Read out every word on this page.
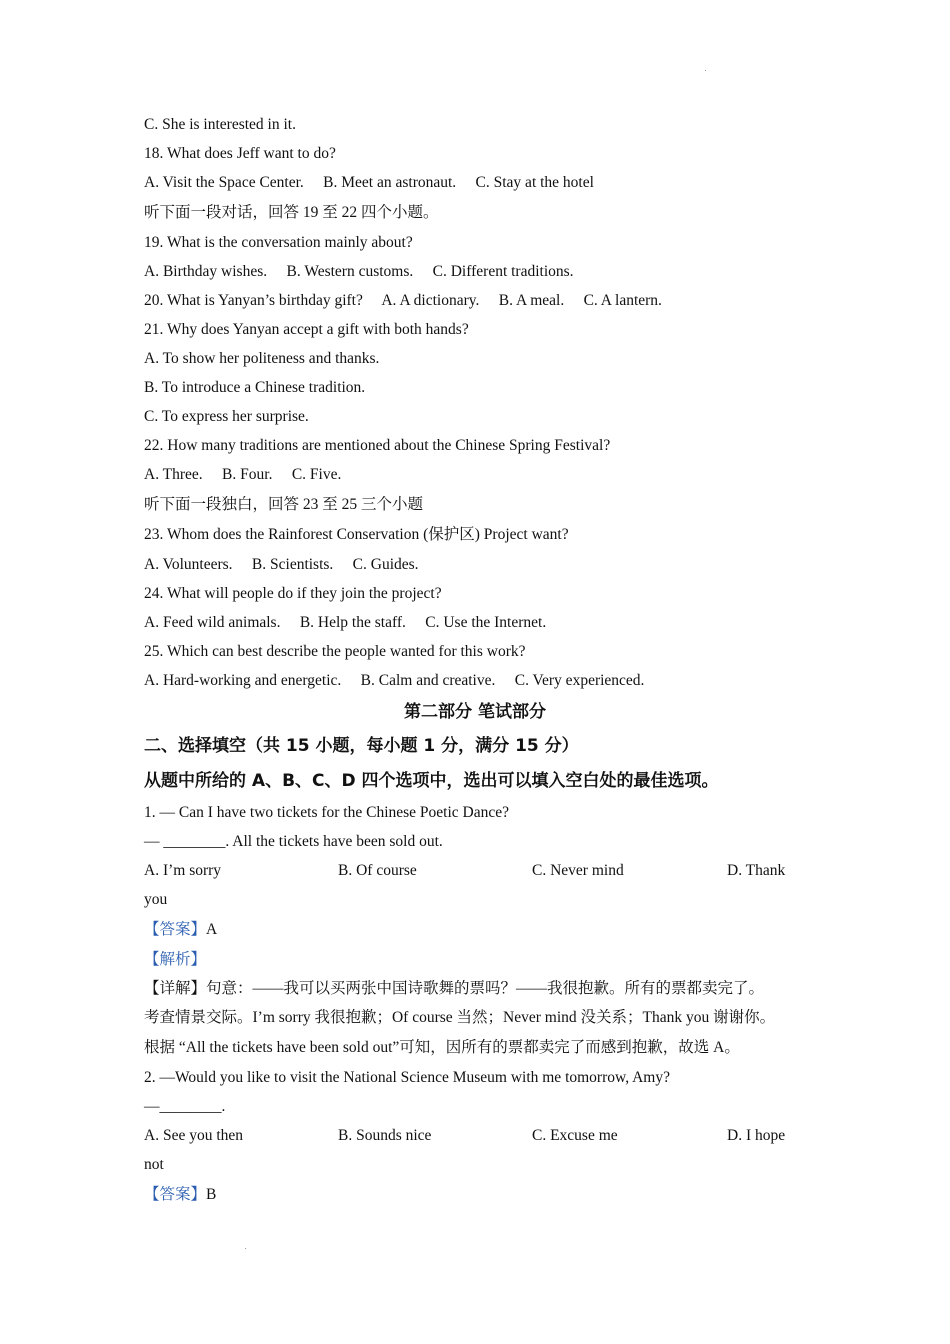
C. She is interested in it.
18. What does Jeff want to do?
A. Visit the Space Center.     B. Meet an astronaut.     C. Stay at the hotel
听下面一段对话，回答 19 至 22 四个小题。
19. What is the conversation mainly about?
A. Birthday wishes.     B. Western customs.     C. Different traditions.
20. What is Yanyan’s birthday gift?     A. A dictionary.     B. A meal.     C. A lantern.
21. Why does Yanyan accept a gift with both hands?
A. To show her politeness and thanks.
B. To introduce a Chinese tradition.
C. To express her surprise.
22. How many traditions are mentioned about the Chinese Spring Festival?
A. Three.     B. Four.     C. Five.
听下面一段独白，回答 23 至 25 三个小题
23. Whom does the Rainforest Conservation (保护区) Project want?
A. Volunteers.     B. Scientists.     C. Guides.
24. What will people do if they join the project?
A. Feed wild animals.     B. Help the staff.     C. Use the Internet.
25. Which can best describe the people wanted for this work?
A. Hard-working and energetic.     B. Calm and creative.     C. Very experienced.
第二部分 笔试部分
二、选择填空（共 15 小题，每小题 1 分，满分 15 分）
从题中所给的 A、B、C、D 四个选项中，选出可以填入空白处的最佳选项。
1. — Can I have two tickets for the Chinese Poetic Dance?
— ________. All the tickets have been sold out.
A. I’m sorry	B. Of course	C. Never mind	D. Thank
you
【答案】A
【解析】
【详解】句意：——我可以买两张中国诗歌舞的票吗？——我很抱歉。所有的票都卖完了。
考查情景交际。I’m sorry 我很抱歉；Of course 当然；Never mind 没关系；Thank you 谢谢你。
根据 “All the tickets have been sold out”可知，因所有的票都卖完了而感到抱歉，故选 A。
2. —Would you like to visit the National Science Museum with me tomorrow, Amy?
—________.
A. See you then	B. Sounds nice	C. Excuse me	D. I hope
not
【答案】B
